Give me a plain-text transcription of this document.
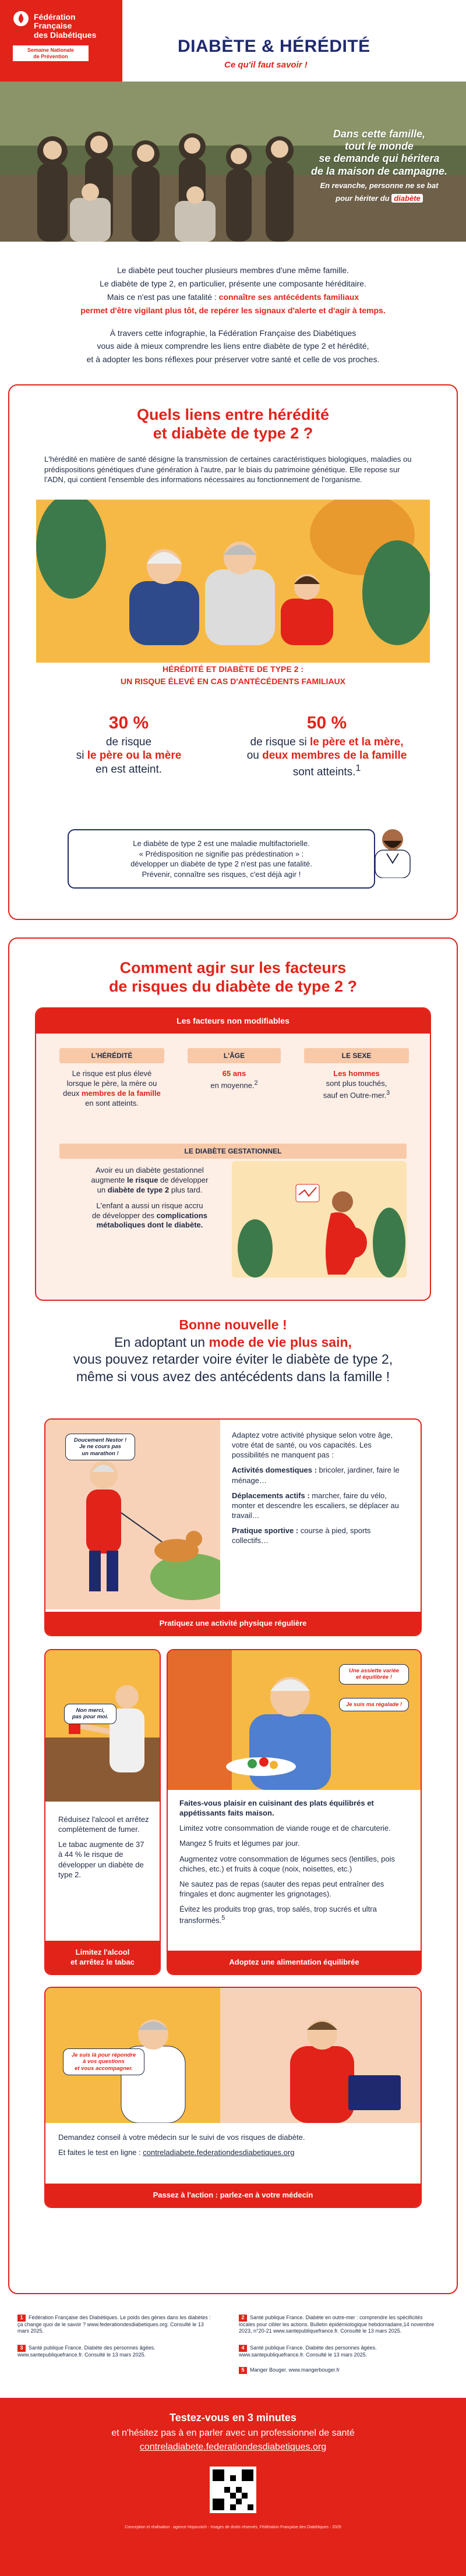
Fédération Française
des Diabétiques
Semaine Nationale
de Prévention
DIABÈTE & HÉRÉDITÉ
Ce qu'il faut savoir !
Dans cette famille,
tout le monde
se demande qui héritera
de la maison de campagne.
En revanche, personne ne se bat
pour hériter du diabète

Le diabète peut toucher plusieurs membres d'une même famille.

Le diabète de type 2, en particulier, présente une composante héréditaire.

Mais ce n'est pas une fatalité : connaître ses antécédents familiaux

permet d'être vigilant plus tôt, de repérer les signaux d'alerte et d'agir à temps.

À travers cette infographie, la Fédération Française des Diabétiques

vous aide à mieux comprendre les liens entre diabète de type 2 et hérédité,

et à adopter les bons réflexes pour préserver votre santé et celle de vos proches.

Quels liens entre hérédité
et diabète de type 2 ?

L'hérédité en matière de santé désigne la transmission de certaines caractéristiques biologiques, maladies ou prédispositions génétiques d'une génération à l'autre, par le biais du patrimoine génétique. Elle repose sur l'ADN, qui contient l'ensemble des informations nécessaires au fonctionnement de l'organisme.

HÉRÉDITÉ ET DIABÈTE DE TYPE 2 :
UN RISQUE ÉLEVÉ EN CAS D'ANTÉCÉDENTS FAMILIAUX
30 %
de risque
si le père ou la mère
en est atteint.
50 %
de risque si le père et la mère,
ou deux membres de la famille
sont atteints.$^1$
Le diabète de type 2 est une maladie multifactorielle.
« Prédisposition ne signifie pas prédestination » :
développer un diabète de type 2 n'est pas une fatalité.
Prévenir, connaître ses risques, c'est déjà agir !
Comment agir sur les facteurs
de risques du diabète de type 2 ?
Les facteurs non modifiables
L'HÉRÉDITÉ
Le risque est plus élevé
lorsque le père, la mère ou
deux membres de la famille
en sont atteints.
L'ÂGE
65 ans
en moyenne.$^2$
LE SEXE
Les hommes
sont plus touchés,
sauf en Outre-mer.$^3$
LE DIABÈTE GESTATIONNEL
Avoir eu un diabète gestationnel
augmente le risque de développer
un diabète de type 2 plus tard.
L'enfant a aussi un risque accru
de développer des complications
métaboliques dont le diabète.
Bonne nouvelle !
En adoptant un mode de vie plus sain,
vous pouvez retarder voire éviter le diabète de type 2,
même si vous avez des antécédents dans la famille !
Doucement Nestor !
Je ne cours pas
un marathon !

Adaptez votre activité physique selon votre âge, votre état de santé, ou vos capacités. Les possibilités ne manquent pas :

Activités domestiques : bricoler, jardiner, faire le ménage…

Déplacements actifs : marcher, faire du vélo, monter et descendre les escaliers, se déplacer au travail…

Pratique sportive : course à pied, sports collectifs…

Pratiquez une activité physique régulière
Non merci,
pas pour moi.

Réduisez l'alcool et arrêtez complètement de fumer.

Le tabac augmente de 37 à 44 % le risque de développer un diabète de type 2.

Limitez l'alcool
et arrêtez le tabac
Une assiette variée
et équilibrée !
Je suis ma régalade !

Faites-vous plaisir en cuisinant des plats équilibrés et appétissants faits maison.

Limitez votre consommation de viande rouge et de charcuterie.

Mangez 5 fruits et légumes par jour.

Augmentez votre consommation de légumes secs (lentilles, pois chiches, etc.) et fruits à coque (noix, noisettes, etc.)

Ne sautez pas de repas (sauter des repas peut entraîner des fringales et donc augmenter les grignotages).

Évitez les produits trop gras, trop salés, trop sucrés et ultra transformés.$^5$

Adoptez une alimentation équilibrée
Je suis là pour répondre
à vos questions
et vous accompagner.

Demandez conseil à votre médecin sur le suivi de vos risques de diabète.

Et faites le test en ligne : contreladiabete.federationdesdiabetiques.org

Passez à l'action : parlez-en à votre médecin
1 Fédération Française des Diabétiques. Le poids des gènes dans les diabètes : ça change quoi de le savoir ? www.federationdesdiabetiques.org. Consulté le 13 mars 2025.
2 Santé publique France. Diabète en outre-mer : comprendre les spécificités locales pour cibler les actions. Bulletin épidémiologique hebdomadaire,14 novembre 2023, n°20-21 www.santepubliquefrance.fr. Consulté le 13 mars 2025.
3 Santé publique France. Diabète des personnes âgées. www.santepubliquefrance.fr. Consulté le 13 mars 2025.
4 Santé publique France. Diabète des personnes âgées. www.santepubliquefrance.fr. Consulté le 13 mars 2025.
5 Manger Bouger. www.mangerbouger.fr
Testez-vous en 3 minutes
et n'hésitez pas à en parler avec un professionnel de santé
contreladiabete.federationdesdiabetiques.org
Conception et réalisation : agence Hopscotch - Images de droits réservés, Fédération Française des Diabétiques - 2025
